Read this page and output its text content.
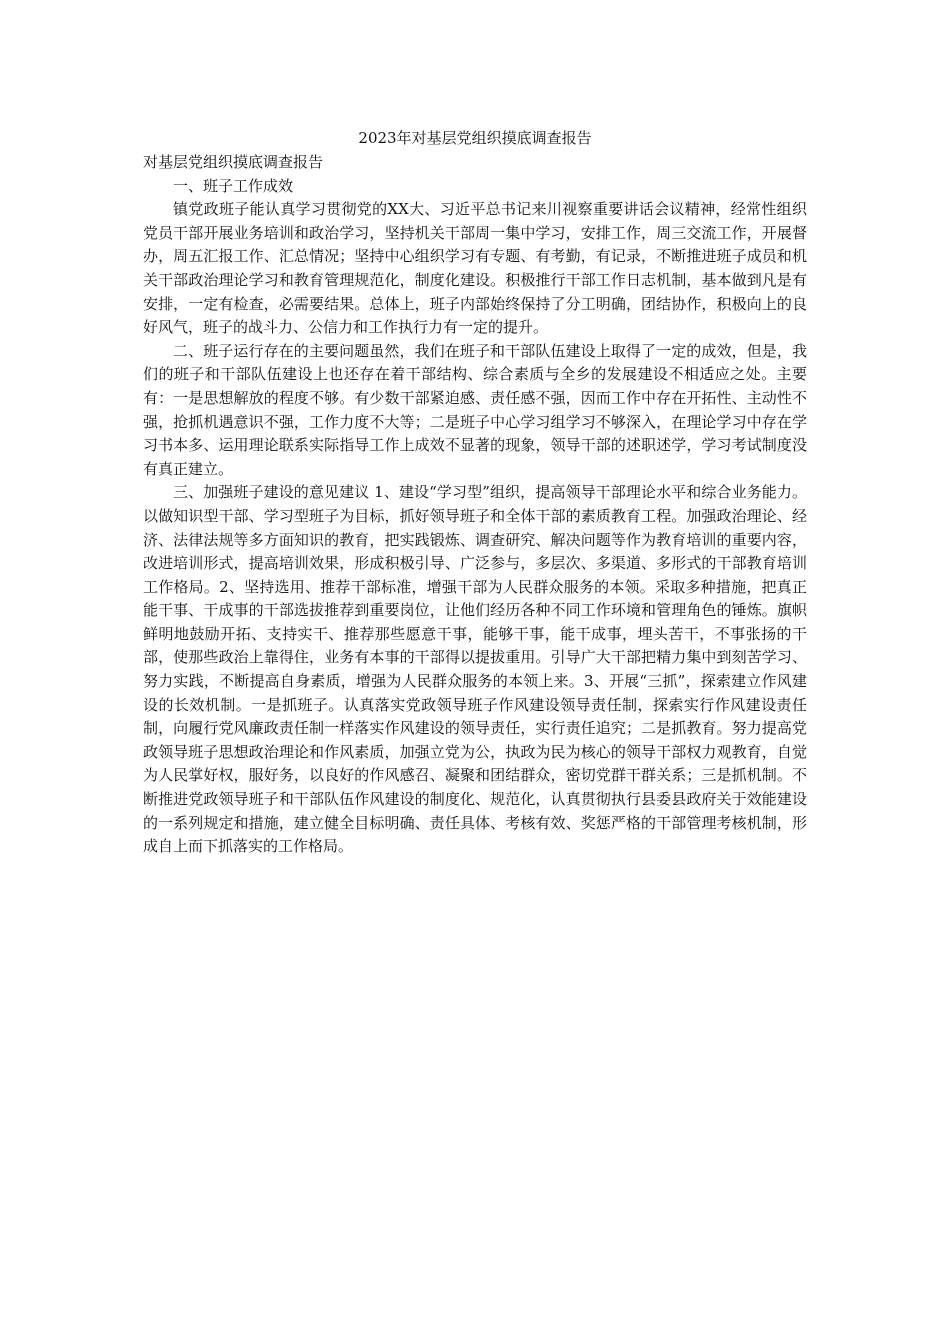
2023年对基层党组织摸底调查报告

对基层党组织摸底调查报告

一、班子工作成效

镇党政班子能认真学习贯彻党的XX大、习近平总书记来川视察重要讲话会议精神，经常性组织党员干部开展业务培训和政治学习，坚持机关干部周一集中学习，安排工作，周三交流工作，开展督办，周五汇报工作、汇总情况；坚持中心组织学习有专题、有考勤，有记录，不断推进班子成员和机关干部政治理论学习和教育管理规范化，制度化建设。积极推行干部工作日志机制，基本做到凡是有安排，一定有检查，必需要结果。总体上，班子内部始终保持了分工明确，团结协作，积极向上的良好风气，班子的战斗力、公信力和工作执行力有一定的提升。

二、班子运行存在的主要问题虽然，我们在班子和干部队伍建设上取得了一定的成效，但是，我们的班子和干部队伍建设上也还存在着干部结构、综合素质与全乡的发展建设不相适应之处。主要有：一是思想解放的程度不够。有少数干部紧迫感、责任感不强，因而工作中存在开拓性、主动性不强，抢抓机遇意识不强，工作力度不大等；二是班子中心学习组学习不够深入，在理论学习中存在学习书本多、运用理论联系实际指导工作上成效不显著的现象，领导干部的述职述学，学习考试制度没有真正建立。

三、加强班子建设的意见建议 1、建设“学习型”组织，提高领导干部理论水平和综合业务能力。以做知识型干部、学习型班子为目标，抓好领导班子和全体干部的素质教育工程。加强政治理论、经济、法律法规等多方面知识的教育，把实践锻炼、调查研究、解决问题等作为教育培训的重要内容，改进培训形式，提高培训效果，形成积极引导、广泛参与，多层次、多渠道、多形式的干部教育培训工作格局。2、坚持选用、推荐干部标准，增强干部为人民群众服务的本领。采取多种措施，把真正能干事、干成事的干部选拔推荐到重要岗位，让他们经历各种不同工作环境和管理角色的锤炼。旗帜鲜明地鼓励开拓、支持实干、推荐那些愿意干事，能够干事，能干成事，埋头苦干，不事张扬的干部，使那些政治上靠得住，业务有本事的干部得以提拔重用。引导广大干部把精力集中到刻苦学习、努力实践，不断提高自身素质，增强为人民群众服务的本领上来。3、开展“三抓”，探索建立作风建设的长效机制。一是抓班子。认真落实党政领导班子作风建设领导责任制，探索实行作风建设责任制，向履行党风廉政责任制一样落实作风建设的领导责任，实行责任追究；二是抓教育。努力提高党政领导班子思想政治理论和作风素质，加强立党为公，执政为民为核心的领导干部权力观教育，自觉为人民掌好权，服好务，以良好的作风感召、凝聚和团结群众，密切党群干群关系；三是抓机制。不断推进党政领导班子和干部队伍作风建设的制度化、规范化，认真贯彻执行县委县政府关于效能建设的一系列规定和措施，建立健全目标明确、责任具体、考核有效、奖惩严格的干部管理考核机制，形成自上而下抓落实的工作格局。
